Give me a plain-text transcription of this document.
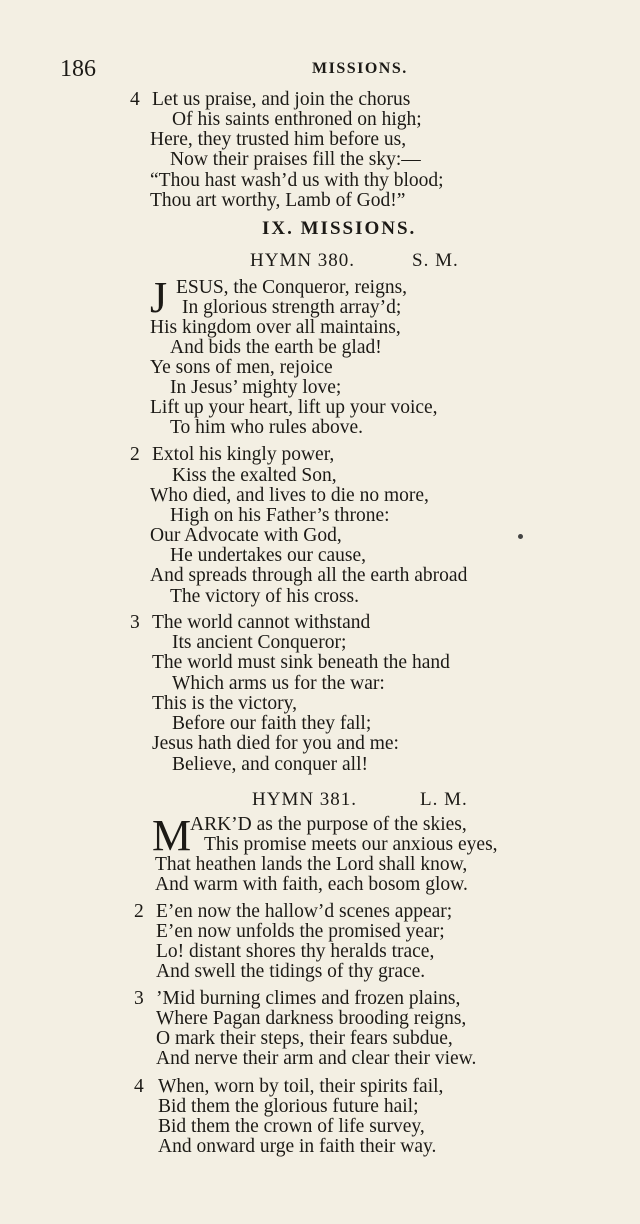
186	MISSIONS.
4 Let us praise, and join the chorus
Of his saints enthroned on high;
Here, they trusted him before us,
Now their praises fill the sky:—
“Thou hast wash’d us with thy blood;
Thou art worthy, Lamb of God!”
IX. MISSIONS.
HYMN 380.	S. M.
J ESUS, the Conqueror, reigns,
In glorious strength array’d;
His kingdom over all maintains,
And bids the earth be glad!
Ye sons of men, rejoice
In Jesus’ mighty love;
Lift up your heart, lift up your voice,
To him who rules above.
2 Extol his kingly power,
Kiss the exalted Son,
Who died, and lives to die no more,
High on his Father’s throne:
Our Advocate with God,
He undertakes our cause,
And spreads through all the earth abroad
The victory of his cross.
3 The world cannot withstand
Its ancient Conqueror;
The world must sink beneath the hand
Which arms us for the war:
This is the victory,
Before our faith they fall;
Jesus hath died for you and me:
Believe, and conquer all!
HYMN 381.	L. M.
M
ARK’D as the purpose of the skies,
This promise meets our anxious eyes,
That heathen lands the Lord shall know,
And warm with faith, each bosom glow.
2 E’en now the hallow’d scenes appear;
E’en now unfolds the promised year;
Lo! distant shores thy heralds trace,
And swell the tidings of thy grace.
3 ’Mid burning climes and frozen plains,
Where Pagan darkness brooding reigns,
O mark their steps, their fears subdue,
And nerve their arm and clear their view.
4 When, worn by toil, their spirits fail,
Bid them the glorious future hail;
Bid them the crown of life survey,
And onward urge in faith their way.
